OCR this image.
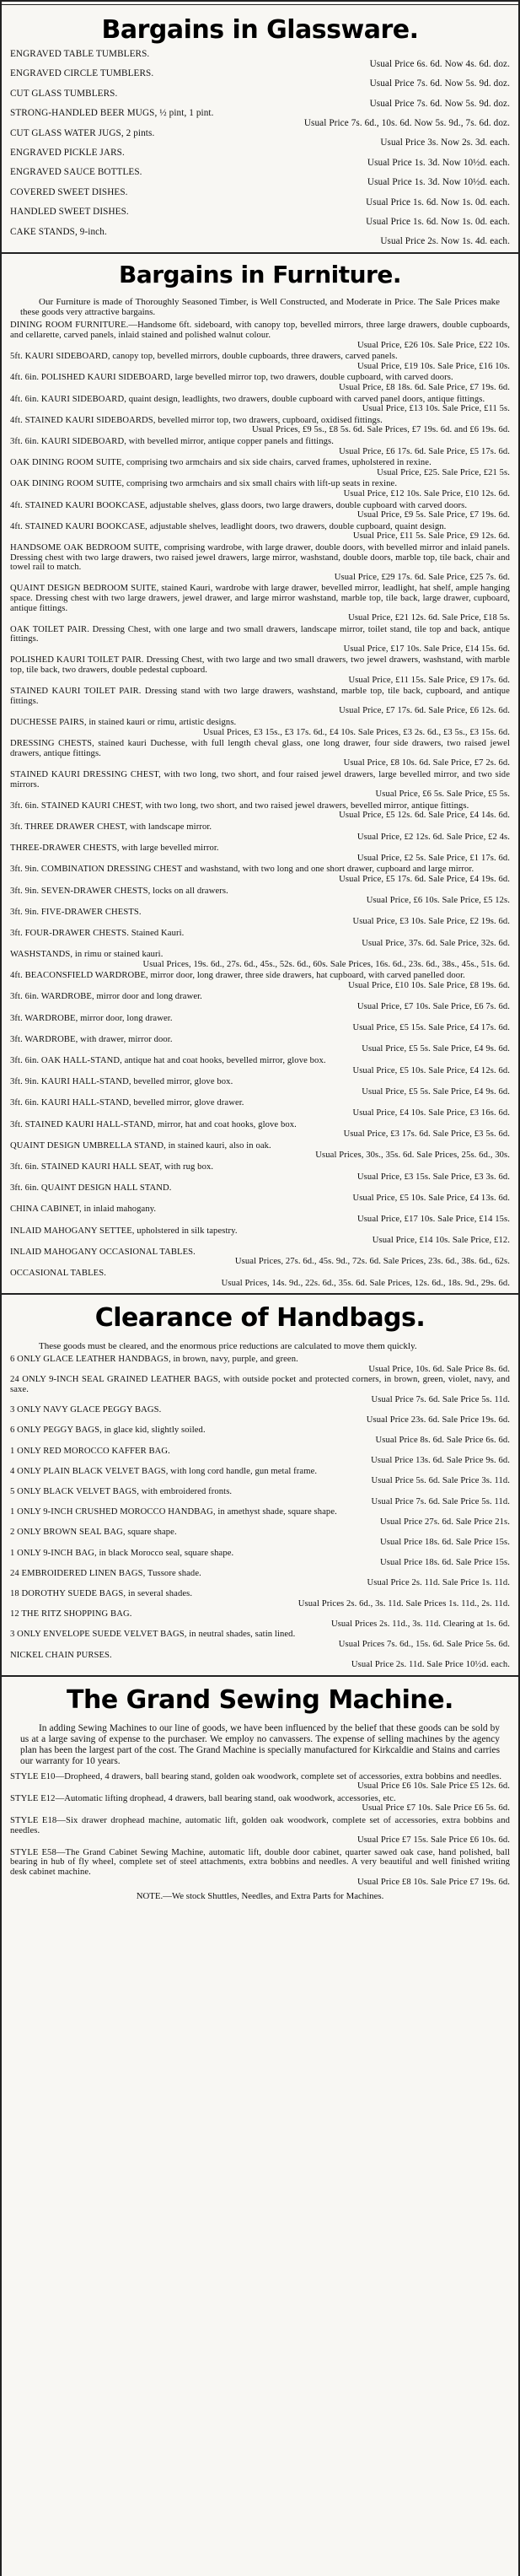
Bargains in Glassware.
ENGRAVED TABLE TUMBLERS.
Usual Price 6s. 6d. Now 4s. 6d. doz.
ENGRAVED CIRCLE TUMBLERS.
Usual Price 7s. 6d. Now 5s. 9d. doz.
CUT GLASS TUMBLERS.
Usual Price 7s. 6d. Now 5s. 9d. doz.
STRONG-HANDLED BEER MUGS, ½ pint, 1 pint.
Usual Price 7s. 6d., 10s. 6d. Now 5s. 9d., 7s. 6d. doz.
CUT GLASS WATER JUGS, 2 pints.
Usual Price 3s. Now 2s. 3d. each.
ENGRAVED PICKLE JARS.
Usual Price 1s. 3d. Now 10½d. each.
ENGRAVED SAUCE BOTTLES.
Usual Price 1s. 3d. Now 10½d. each.
COVERED SWEET DISHES.
Usual Price 1s. 6d. Now 1s. 0d. each.
HANDLED SWEET DISHES.
Usual Price 1s. 6d. Now 1s. 0d. each.
CAKE STANDS, 9-inch.
Usual Price 2s. Now 1s. 4d. each.
Bargains in Furniture.
Our Furniture is made of Thoroughly Seasoned Timber, is Well Constructed, and Moderate in Price. The Sale Prices make these goods very attractive bargains.
DINING ROOM FURNITURE.—Handsome 6ft. sideboard, with canopy top, bevelled mirrors, three large drawers, double cupboards, and cellarette, carved panels, inlaid stained and polished walnut colour.
Usual Price, £26 10s. Sale Price, £22 10s.
5ft. KAURI SIDEBOARD, canopy top, bevelled mirrors, double cupboards, three drawers, carved panels.
Usual Price, £19 10s. Sale Price, £16 10s.
4ft. 6in. POLISHED KAURI SIDEBOARD, large bevelled mirror top, two drawers, double cupboard, with carved doors.
Usual Price, £8 18s. 6d. Sale Price, £7 19s. 6d.
4ft. 6in. KAURI SIDEBOARD, quaint design, leadlights, two drawers, double cupboard with carved panel doors, antique fittings.
Usual Price, £13 10s. Sale Price, £11 5s.
4ft. STAINED KAURI SIDEBOARDS, bevelled mirror top, two drawers, cupboard, oxidised fittings.
Usual Prices, £9 5s., £8 5s. 6d. Sale Prices, £7 19s. 6d. and £6 19s. 6d.
3ft. 6in. KAURI SIDEBOARD, with bevelled mirror, antique copper panels and fittings.
Usual Price, £6 17s. 6d. Sale Price, £5 17s. 6d.
OAK DINING ROOM SUITE, comprising two armchairs and six side chairs, carved frames, upholstered in rexine.
Usual Price, £25. Sale Price, £21 5s.
OAK DINING ROOM SUITE, comprising two armchairs and six small chairs with lift-up seats in rexine.
Usual Price, £12 10s. Sale Price, £10 12s. 6d.
4ft. STAINED KAURI BOOKCASE, adjustable shelves, glass doors, two large drawers, double cupboard with carved doors.
Usual Price, £9 5s. Sale Price, £7 19s. 6d.
4ft. STAINED KAURI BOOKCASE, adjustable shelves, leadlight doors, two drawers, double cupboard, quaint design.
Usual Price, £11 5s. Sale Price, £9 12s. 6d.
HANDSOME OAK BEDROOM SUITE, comprising wardrobe, with large drawer, double doors, with bevelled mirror and inlaid panels. Dressing chest with two large drawers, two raised jewel drawers, large mirror, washstand, double doors, marble top, tile back, chair and towel rail to match.
Usual Price, £29 17s. 6d. Sale Price, £25 7s. 6d.
QUAINT DESIGN BEDROOM SUITE, stained Kauri, wardrobe with large drawer, bevelled mirror, leadlight, hat shelf, ample hanging space. Dressing chest with two large drawers, jewel drawer, and large mirror washstand, marble top, tile back, large drawer, cupboard, antique fittings.
Usual Price, £21 12s. 6d. Sale Price, £18 5s.
OAK TOILET PAIR. Dressing Chest, with one large and two small drawers, landscape mirror, toilet stand, tile top and back, antique fittings.
Usual Price, £17 10s. Sale Price, £14 15s. 6d.
POLISHED KAURI TOILET PAIR. Dressing Chest, with two large and two small drawers, two jewel drawers, washstand, with marble top, tile back, two drawers, double pedestal cupboard.
Usual Price, £11 15s. Sale Price, £9 17s. 6d.
STAINED KAURI TOILET PAIR. Dressing stand with two large drawers, washstand, marble top, tile back, cupboard, and antique fittings.
Usual Price, £7 17s. 6d. Sale Price, £6 12s. 6d.
DUCHESSE PAIRS, in stained kauri or rimu, artistic designs.
Usual Prices, £3 15s., £3 17s. 6d., £4 10s. Sale Prices, £3 2s. 6d., £3 5s., £3 15s. 6d.
DRESSING CHESTS, stained kauri Duchesse, with full length cheval glass, one long drawer, four side drawers, two raised jewel drawers, antique fittings.
Usual Price, £8 10s. 6d. Sale Price, £7 2s. 6d.
STAINED KAURI DRESSING CHEST, with two long, two short, and four raised jewel drawers, large bevelled mirror, and two side mirrors.
Usual Price, £6 5s. Sale Price, £5 5s.
3ft. 6in. STAINED KAURI CHEST, with two long, two short, and two raised jewel drawers, bevelled mirror, antique fittings.
Usual Price, £5 12s. 6d. Sale Price, £4 14s. 6d.
3ft. THREE DRAWER CHEST, with landscape mirror.
Usual Price, £2 12s. 6d. Sale Price, £2 4s.
THREE-DRAWER CHESTS, with large bevelled mirror.
Usual Price, £2 5s. Sale Price, £1 17s. 6d.
3ft. 9in. COMBINATION DRESSING CHEST and washstand, with two long and one short drawer, cupboard and large mirror.
Usual Price, £5 17s. 6d. Sale Price, £4 19s. 6d.
3ft. 9in. SEVEN-DRAWER CHESTS, locks on all drawers.
Usual Price, £6 10s. Sale Price, £5 12s.
3ft. 9in. FIVE-DRAWER CHESTS.
Usual Price, £3 10s. Sale Price, £2 19s. 6d.
3ft. FOUR-DRAWER CHESTS. Stained Kauri.
Usual Price, 37s. 6d. Sale Price, 32s. 6d.
WASHSTANDS, in rimu or stained kauri.
Usual Prices, 19s. 6d., 27s. 6d., 45s., 52s. 6d., 60s. Sale Prices, 16s. 6d., 23s. 6d., 38s., 45s., 51s. 6d.
4ft. BEACONSFIELD WARDROBE, mirror door, long drawer, three side drawers, hat cupboard, with carved panelled door.
Usual Price, £10 10s. Sale Price, £8 19s. 6d.
3ft. 6in. WARDROBE, mirror door and long drawer.
Usual Price, £7 10s. Sale Price, £6 7s. 6d.
3ft. WARDROBE, mirror door, long drawer.
Usual Price, £5 15s. Sale Price, £4 17s. 6d.
3ft. WARDROBE, with drawer, mirror door.
Usual Price, £5 5s. Sale Price, £4 9s. 6d.
3ft. 6in. OAK HALL-STAND, antique hat and coat hooks, bevelled mirror, glove box.
Usual Price, £5 10s. Sale Price, £4 12s. 6d.
3ft. 9in. KAURI HALL-STAND, bevelled mirror, glove box.
Usual Price, £5 5s. Sale Price, £4 9s. 6d.
3ft. 6in. KAURI HALL-STAND, bevelled mirror, glove drawer.
Usual Price, £4 10s. Sale Price, £3 16s. 6d.
3ft. STAINED KAURI HALL-STAND, mirror, hat and coat hooks, glove box.
Usual Price, £3 17s. 6d. Sale Price, £3 5s. 6d.
QUAINT DESIGN UMBRELLA STAND, in stained kauri, also in oak.
Usual Prices, 30s., 35s. 6d. Sale Prices, 25s. 6d., 30s.
3ft. 6in. STAINED KAURI HALL SEAT, with rug box.
Usual Price, £3 15s. Sale Price, £3 3s. 6d.
3ft. 6in. QUAINT DESIGN HALL STAND.
Usual Price, £5 10s. Sale Price, £4 13s. 6d.
CHINA CABINET, in inlaid mahogany.
Usual Price, £17 10s. Sale Price, £14 15s.
INLAID MAHOGANY SETTEE, upholstered in silk tapestry.
Usual Price, £14 10s. Sale Price, £12.
INLAID MAHOGANY OCCASIONAL TABLES.
Usual Prices, 27s. 6d., 45s. 9d., 72s. 6d. Sale Prices, 23s. 6d., 38s. 6d., 62s.
OCCASIONAL TABLES.
Usual Prices, 14s. 9d., 22s. 6d., 35s. 6d. Sale Prices, 12s. 6d., 18s. 9d., 29s. 6d.
Clearance of Handbags.
These goods must be cleared, and the enormous price reductions are calculated to move them quickly.
6 ONLY GLACE LEATHER HANDBAGS, in brown, navy, purple, and green.
Usual Price, 10s. 6d. Sale Price 8s. 6d.
24 ONLY 9-INCH SEAL GRAINED LEATHER BAGS, with outside pocket and protected corners, in brown, green, violet, navy, and saxe.
Usual Price 7s. 6d. Sale Price 5s. 11d.
3 ONLY NAVY GLACE PEGGY BAGS.
Usual Price 23s. 6d. Sale Price 19s. 6d.
6 ONLY PEGGY BAGS, in glace kid, slightly soiled.
Usual Price 8s. 6d. Sale Price 6s. 6d.
1 ONLY RED MOROCCO KAFFER BAG.
Usual Price 13s. 6d. Sale Price 9s. 6d.
4 ONLY PLAIN BLACK VELVET BAGS, with long cord handle, gun metal frame.
Usual Price 5s. 6d. Sale Price 3s. 11d.
5 ONLY BLACK VELVET BAGS, with embroidered fronts.
Usual Price 7s. 6d. Sale Price 5s. 11d.
1 ONLY 9-INCH CRUSHED MOROCCO HANDBAG, in amethyst shade, square shape.
Usual Price 27s. 6d. Sale Price 21s.
2 ONLY BROWN SEAL BAG, square shape.
Usual Price 18s. 6d. Sale Price 15s.
1 ONLY 9-INCH BAG, in black Morocco seal, square shape.
Usual Price 18s. 6d. Sale Price 15s.
24 EMBROIDERED LINEN BAGS, Tussore shade.
Usual Price 2s. 11d. Sale Price 1s. 11d.
18 DOROTHY SUEDE BAGS, in several shades.
Usual Prices 2s. 6d., 3s. 11d. Sale Prices 1s. 11d., 2s. 11d.
12 THE RITZ SHOPPING BAG.
Usual Prices 2s. 11d., 3s. 11d. Clearing at 1s. 6d.
3 ONLY ENVELOPE SUEDE VELVET BAGS, in neutral shades, satin lined.
Usual Prices 7s. 6d., 15s. 6d. Sale Price 5s. 6d.
NICKEL CHAIN PURSES.
Usual Price 2s. 11d. Sale Price 10½d. each.
The Grand Sewing Machine.
In adding Sewing Machines to our line of goods, we have been influenced by the belief that these goods can be sold by us at a large saving of expense to the purchaser. We employ no canvassers. The expense of selling machines by the agency plan has been the largest part of the cost. The Grand Machine is specially manufactured for Kirkcaldie and Stains and carries our warranty for 10 years.
STYLE E10—Dropheed, 4 drawers, ball bearing stand, golden oak woodwork, complete set of accessories, extra bobbins and needles.
Usual Price £6 10s. Sale Price £5 12s. 6d.
STYLE E12—Automatic lifting drophead, 4 drawers, ball bearing stand, oak woodwork, accessories, etc.
Usual Price £7 10s. Sale Price £6 5s. 6d.
STYLE E18—Six drawer drophead machine, automatic lift, golden oak woodwork, complete set of accessories, extra bobbins and needles.
Usual Price £7 15s. Sale Price £6 10s. 6d.
STYLE E58—The Grand Cabinet Sewing Machine, automatic lift, double door cabinet, quarter sawed oak case, hand polished, ball bearing in hub of fly wheel, complete set of steel attachments, extra bobbins and needles. A very beautiful and well finished writing desk cabinet machine.
Usual Price £8 10s. Sale Price £7 19s. 6d.
NOTE.—We stock Shuttles, Needles, and Extra Parts for Machines.
